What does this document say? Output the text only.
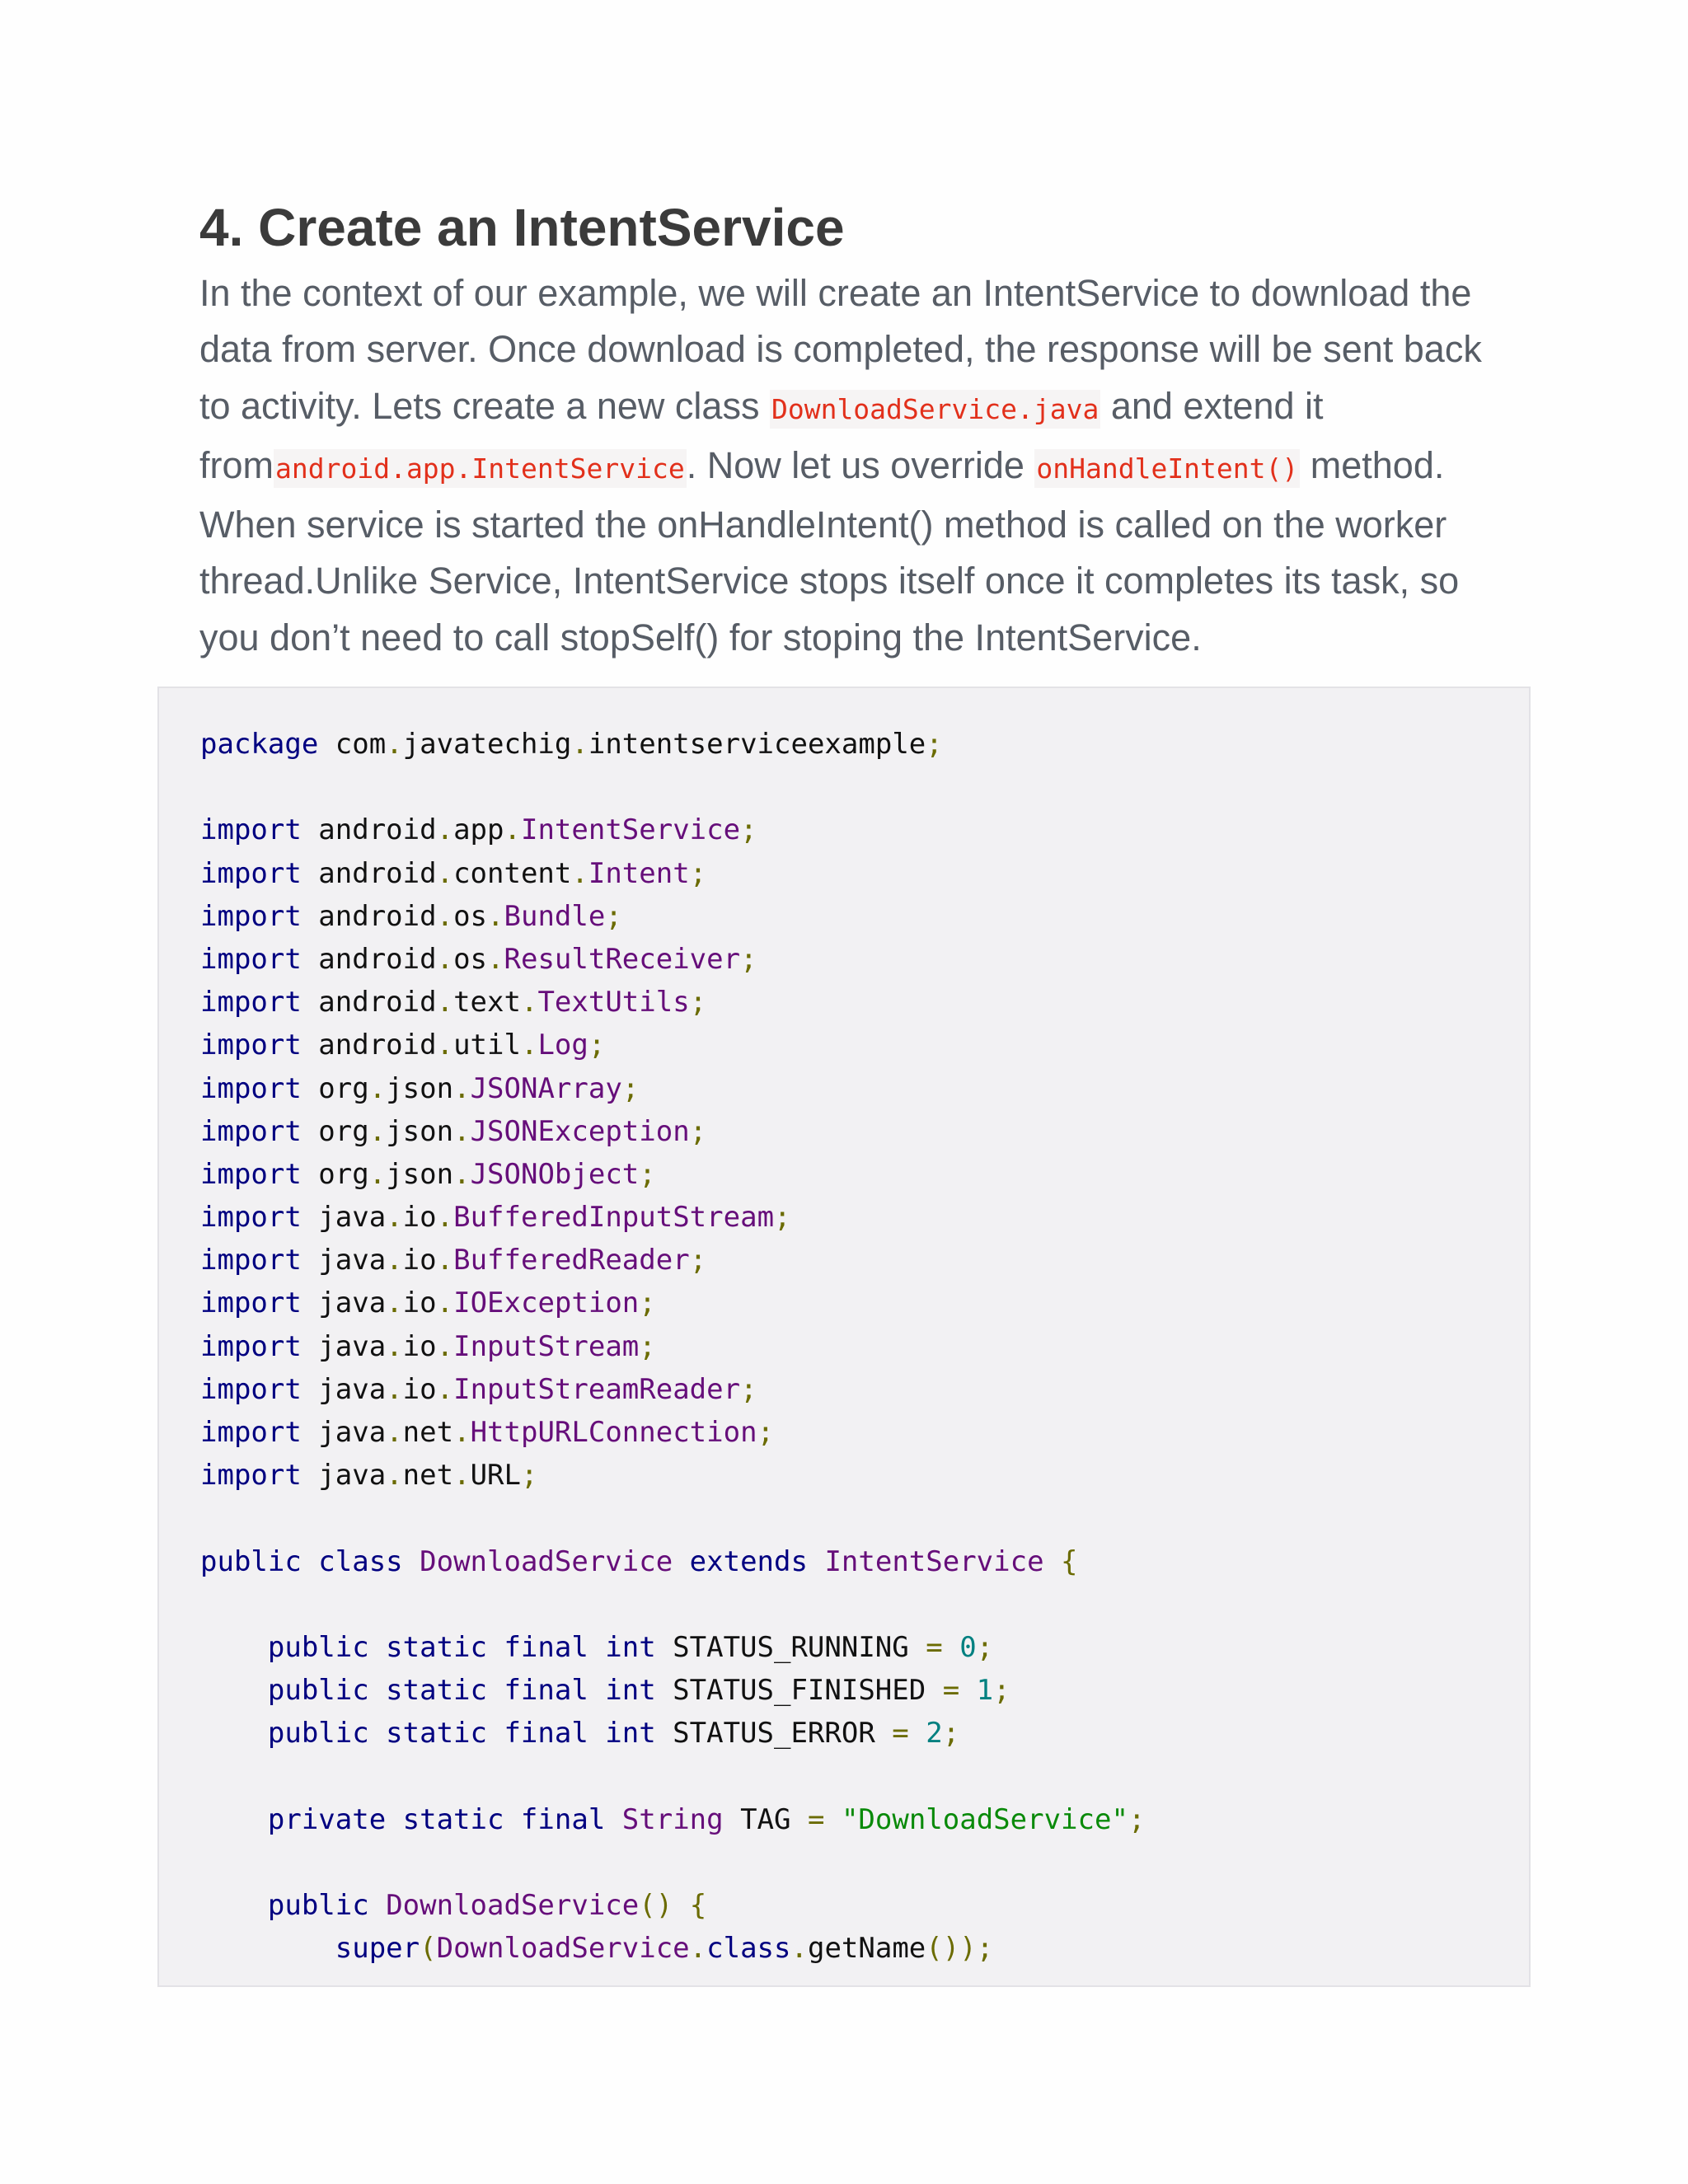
4. Create an IntentService
In the context of our example, we will create an IntentService to download the
data from server. Once download is completed, the response will be sent back
to activity. Lets create a new class DownloadService.java and extend it
fromandroid.app.IntentService. Now let us override onHandleIntent() method.
When service is started the onHandleIntent() method is called on the worker
thread.Unlike Service, IntentService stops itself once it completes its task, so
you don’t need to call stopSelf() for stoping the IntentService.
package com.javatechig.intentserviceexample;
import android.app.IntentService;
import android.content.Intent;
import android.os.Bundle;
import android.os.ResultReceiver;
import android.text.TextUtils;
import android.util.Log;
import org.json.JSONArray;
import org.json.JSONException;
import org.json.JSONObject;
import java.io.BufferedInputStream;
import java.io.BufferedReader;
import java.io.IOException;
import java.io.InputStream;
import java.io.InputStreamReader;
import java.net.HttpURLConnection;
import java.net.URL;
public class DownloadService extends IntentService {
public static final int STATUS_RUNNING = 0;
public static final int STATUS_FINISHED = 1;
public static final int STATUS_ERROR = 2;
private static final String TAG = "DownloadService";
public DownloadService() {
super(DownloadService.class.getName());
